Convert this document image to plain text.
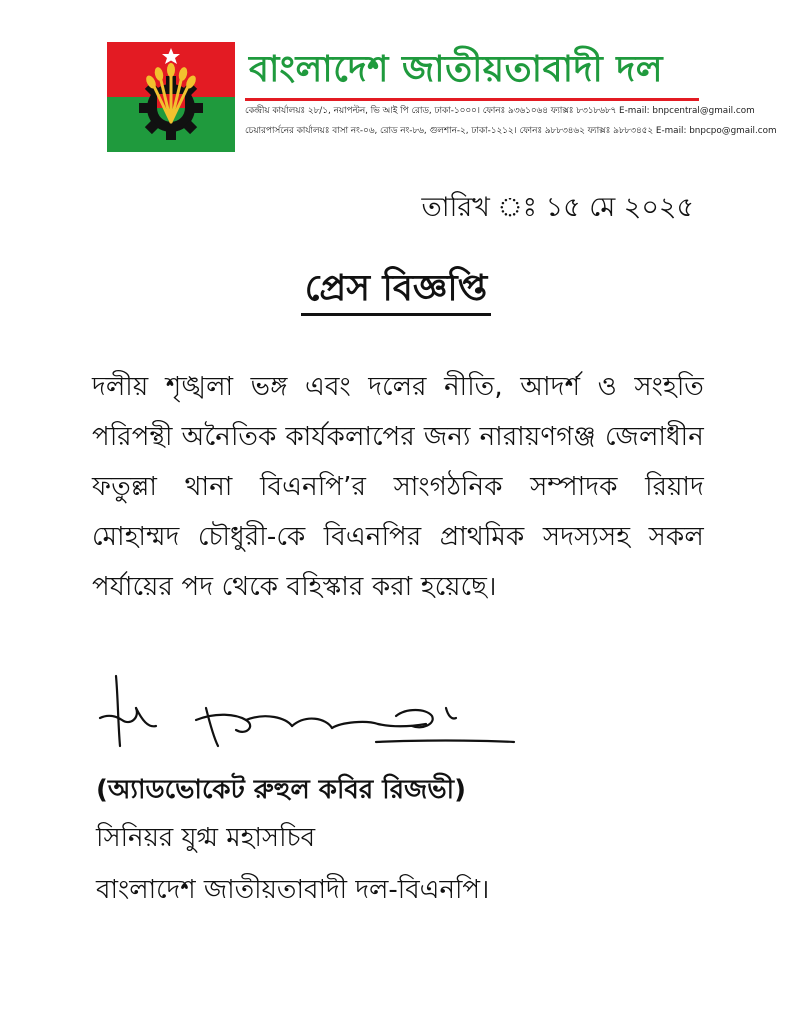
বাংলাদেশ জাতীয়তাবাদী দল
কেন্দ্রীয় কার্যালয়ঃ ২৮/১, নয়াপল্টন, ভি আই পি রোড, ঢাকা-১০০০। ফোনঃ ৯৩৬১০৬৪ ফ্যাক্সঃ ৮৩১৮৬৮৭ E-mail: bnpcentral@gmail.com
চেয়ারপার্সনের কার্যালয়ঃ বাসা নং-০৬, রোড নং-৮৬, গুলশান-২, ঢাকা-১২১২। ফোনঃ ৯৮৮৩৪৬২ ফ্যাক্সঃ ৯৮৮৩৪৫২ E-mail: bnpcpo@gmail.com
তারিখ ঃ ১৫ মে ২০২৫
প্রেস বিজ্ঞপ্তি
দলীয় শৃঙ্খলা ভঙ্গ এবং দলের নীতি, আদর্শ ও সংহতি পরিপন্থী অনৈতিক কার্যকলাপের জন্য নারায়ণগঞ্জ জেলাধীন ফতুল্লা থানা বিএনপি’র সাংগঠনিক সম্পাদক রিয়াদ মোহাম্মদ চৌধুরী-কে বিএনপির প্রাথমিক সদস্যসহ সকল পর্যায়ের পদ থেকে বহিস্কার করা হয়েছে।
(অ্যাডভোকেট রুহুল কবির রিজভী)
সিনিয়র যুগ্ম মহাসচিব
বাংলাদেশ জাতীয়তাবাদী দল-বিএনপি।
